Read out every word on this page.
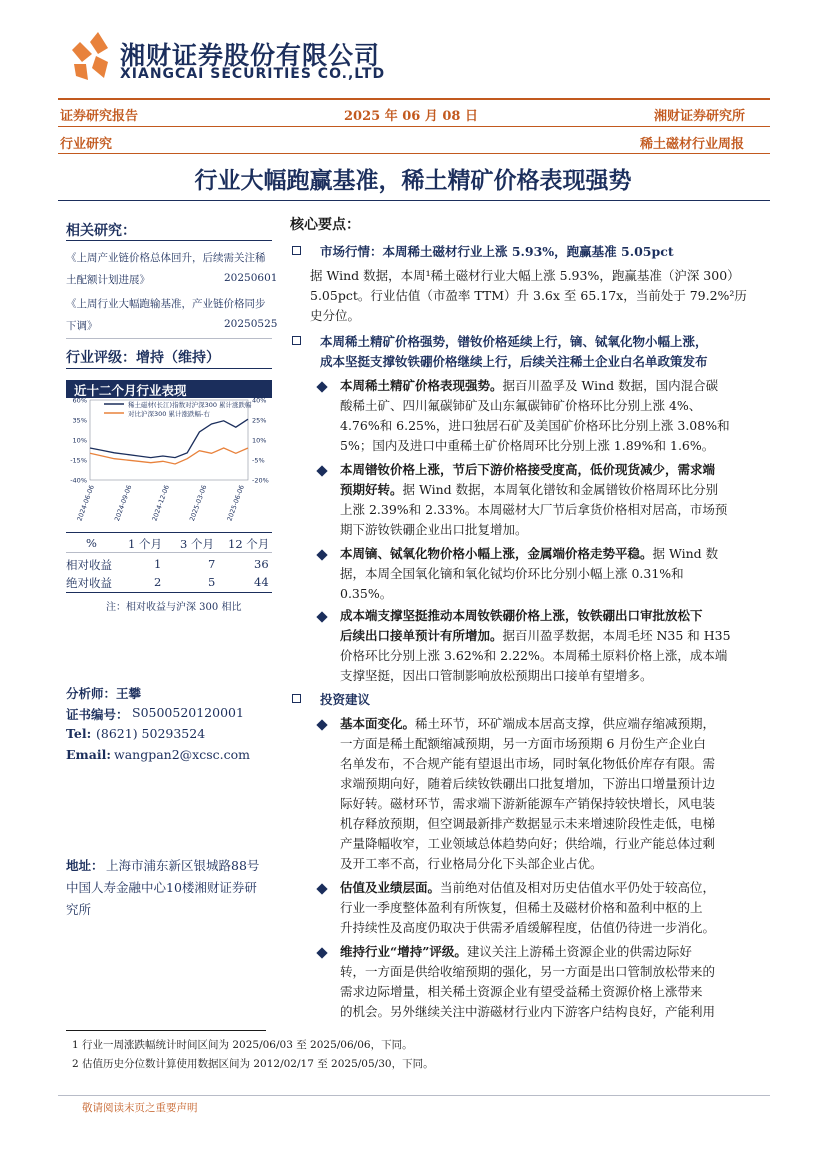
湘财证券股份有限公司
XIANGCAI SECURITIES CO.,LTD
证券研究报告	2025 年 06 月 08 日	湘财证券研究所
行业研究	稀土磁材行业周报
行业大幅跑赢基准，稀土精矿价格表现强势
相关研究：
《上周产业链价格总体回升，后续需关注稀
土配额计划进展》	20250601
《上周行业大幅跑输基准，产业链价格同步
下调》	20250525
行业评级：增持（维持）
近十二个月行业表现
60%
35%
10%
-15%
-40%
40%
25%
10%
-5%
-20%
2024-06-06	2024-09-06	2024-12-06	2025-03-06	2025-06-06
稀土磁材(长江)指数对沪深300 累计涨跌幅
对比沪深300 累计涨跌幅-右
%	1 个月 3 个月 12 个月
相对收益	1	7	36
绝对收益	2	5	44
注：相对收益与沪深 300 相比
分析师：王攀
证书编号： S0500520120001
Tel: (8621) 50293524
Email: wangpan2@xcsc.com
地址： 上海市浦东新区银城路88号
中国人寿金融中心10楼湘财证券研
究所
核心要点：
市场行情：本周稀土磁材行业上涨 5.93%，跑赢基准 5.05pct
据 Wind 数据，本周¹稀土磁材行业大幅上涨 5.93%，跑赢基准（沪深 300）
5.05pct。行业估值（市盈率 TTM）升 3.6x 至 65.17x，当前处于 79.2%²历
史分位。
本周稀土精矿价格强势，镨钕价格延续上行，镝、铽氧化物小幅上涨，
成本坚挺支撑钕铁硼价格继续上行，后续关注稀土企业白名单政策发布
本周稀土精矿价格表现强势。据百川盈孚及 Wind 数据，国内混合碳
酸稀土矿、四川氟碳铈矿及山东氟碳铈矿价格环比分别上涨 4%、
4.76%和 6.25%，进口独居石矿及美国矿价格环比分别上涨 3.08%和
5%；国内及进口中重稀土矿价格周环比分别上涨 1.89%和 1.6%。
本周镨钕价格上涨，节后下游价格接受度高，低价现货减少，需求端
预期好转。据 Wind 数据，本周氧化镨钕和金属镨钕价格周环比分别
上涨 2.39%和 2.33%。本周磁材大厂节后拿货价格相对居高，市场预
期下游钕铁硼企业出口批复增加。
本周镝、铽氧化物价格小幅上涨，金属端价格走势平稳。据 Wind 数
据，本周全国氧化镝和氧化铽均价环比分别小幅上涨 0.31%和
0.35%。
成本端支撑坚挺推动本周钕铁硼价格上涨，钕铁硼出口审批放松下
后续出口接单预计有所增加。据百川盈孚数据，本周毛坯 N35 和 H35
价格环比分别上涨 3.62%和 2.22%。本周稀土原料价格上涨，成本端
支撑坚挺，因出口管制影响放松预期出口接单有望增多。
投资建议
基本面变化。稀土环节，环矿端成本居高支撑，供应端存缩减预期，
一方面是稀土配额缩减预期，另一方面市场预期 6 月份生产企业白
名单发布，不合规产能有望退出市场，同时氧化物低价库存有限。需
求端预期向好，随着后续钕铁硼出口批复增加，下游出口增量预计边
际好转。磁材环节，需求端下游新能源车产销保持较快增长，风电装
机存释放预期，但空调最新排产数据显示未来增速阶段性走低，电梯
产量降幅收窄，工业领域总体趋势向好；供给端，行业产能总体过剩
及开工率不高，行业格局分化下头部企业占优。
估值及业绩层面。当前绝对估值及相对历史估值水平仍处于较高位，
行业一季度整体盈利有所恢复，但稀土及磁材价格和盈利中枢的上
升持续性及高度仍取决于供需矛盾缓解程度，估值仍待进一步消化。
维持行业“增持”评级。建议关注上游稀土资源企业的供需边际好
转，一方面是供给收缩预期的强化，另一方面是出口管制放松带来的
需求边际增量，相关稀土资源企业有望受益稀土资源价格上涨带来
的机会。另外继续关注中游磁材行业内下游客户结构良好，产能利用
1 行业一周涨跌幅统计时间区间为 2025/06/03 至 2025/06/06，下同。
2 估值历史分位数计算使用数据区间为 2012/02/17 至 2025/05/30，下同。
敬请阅读末页之重要声明
